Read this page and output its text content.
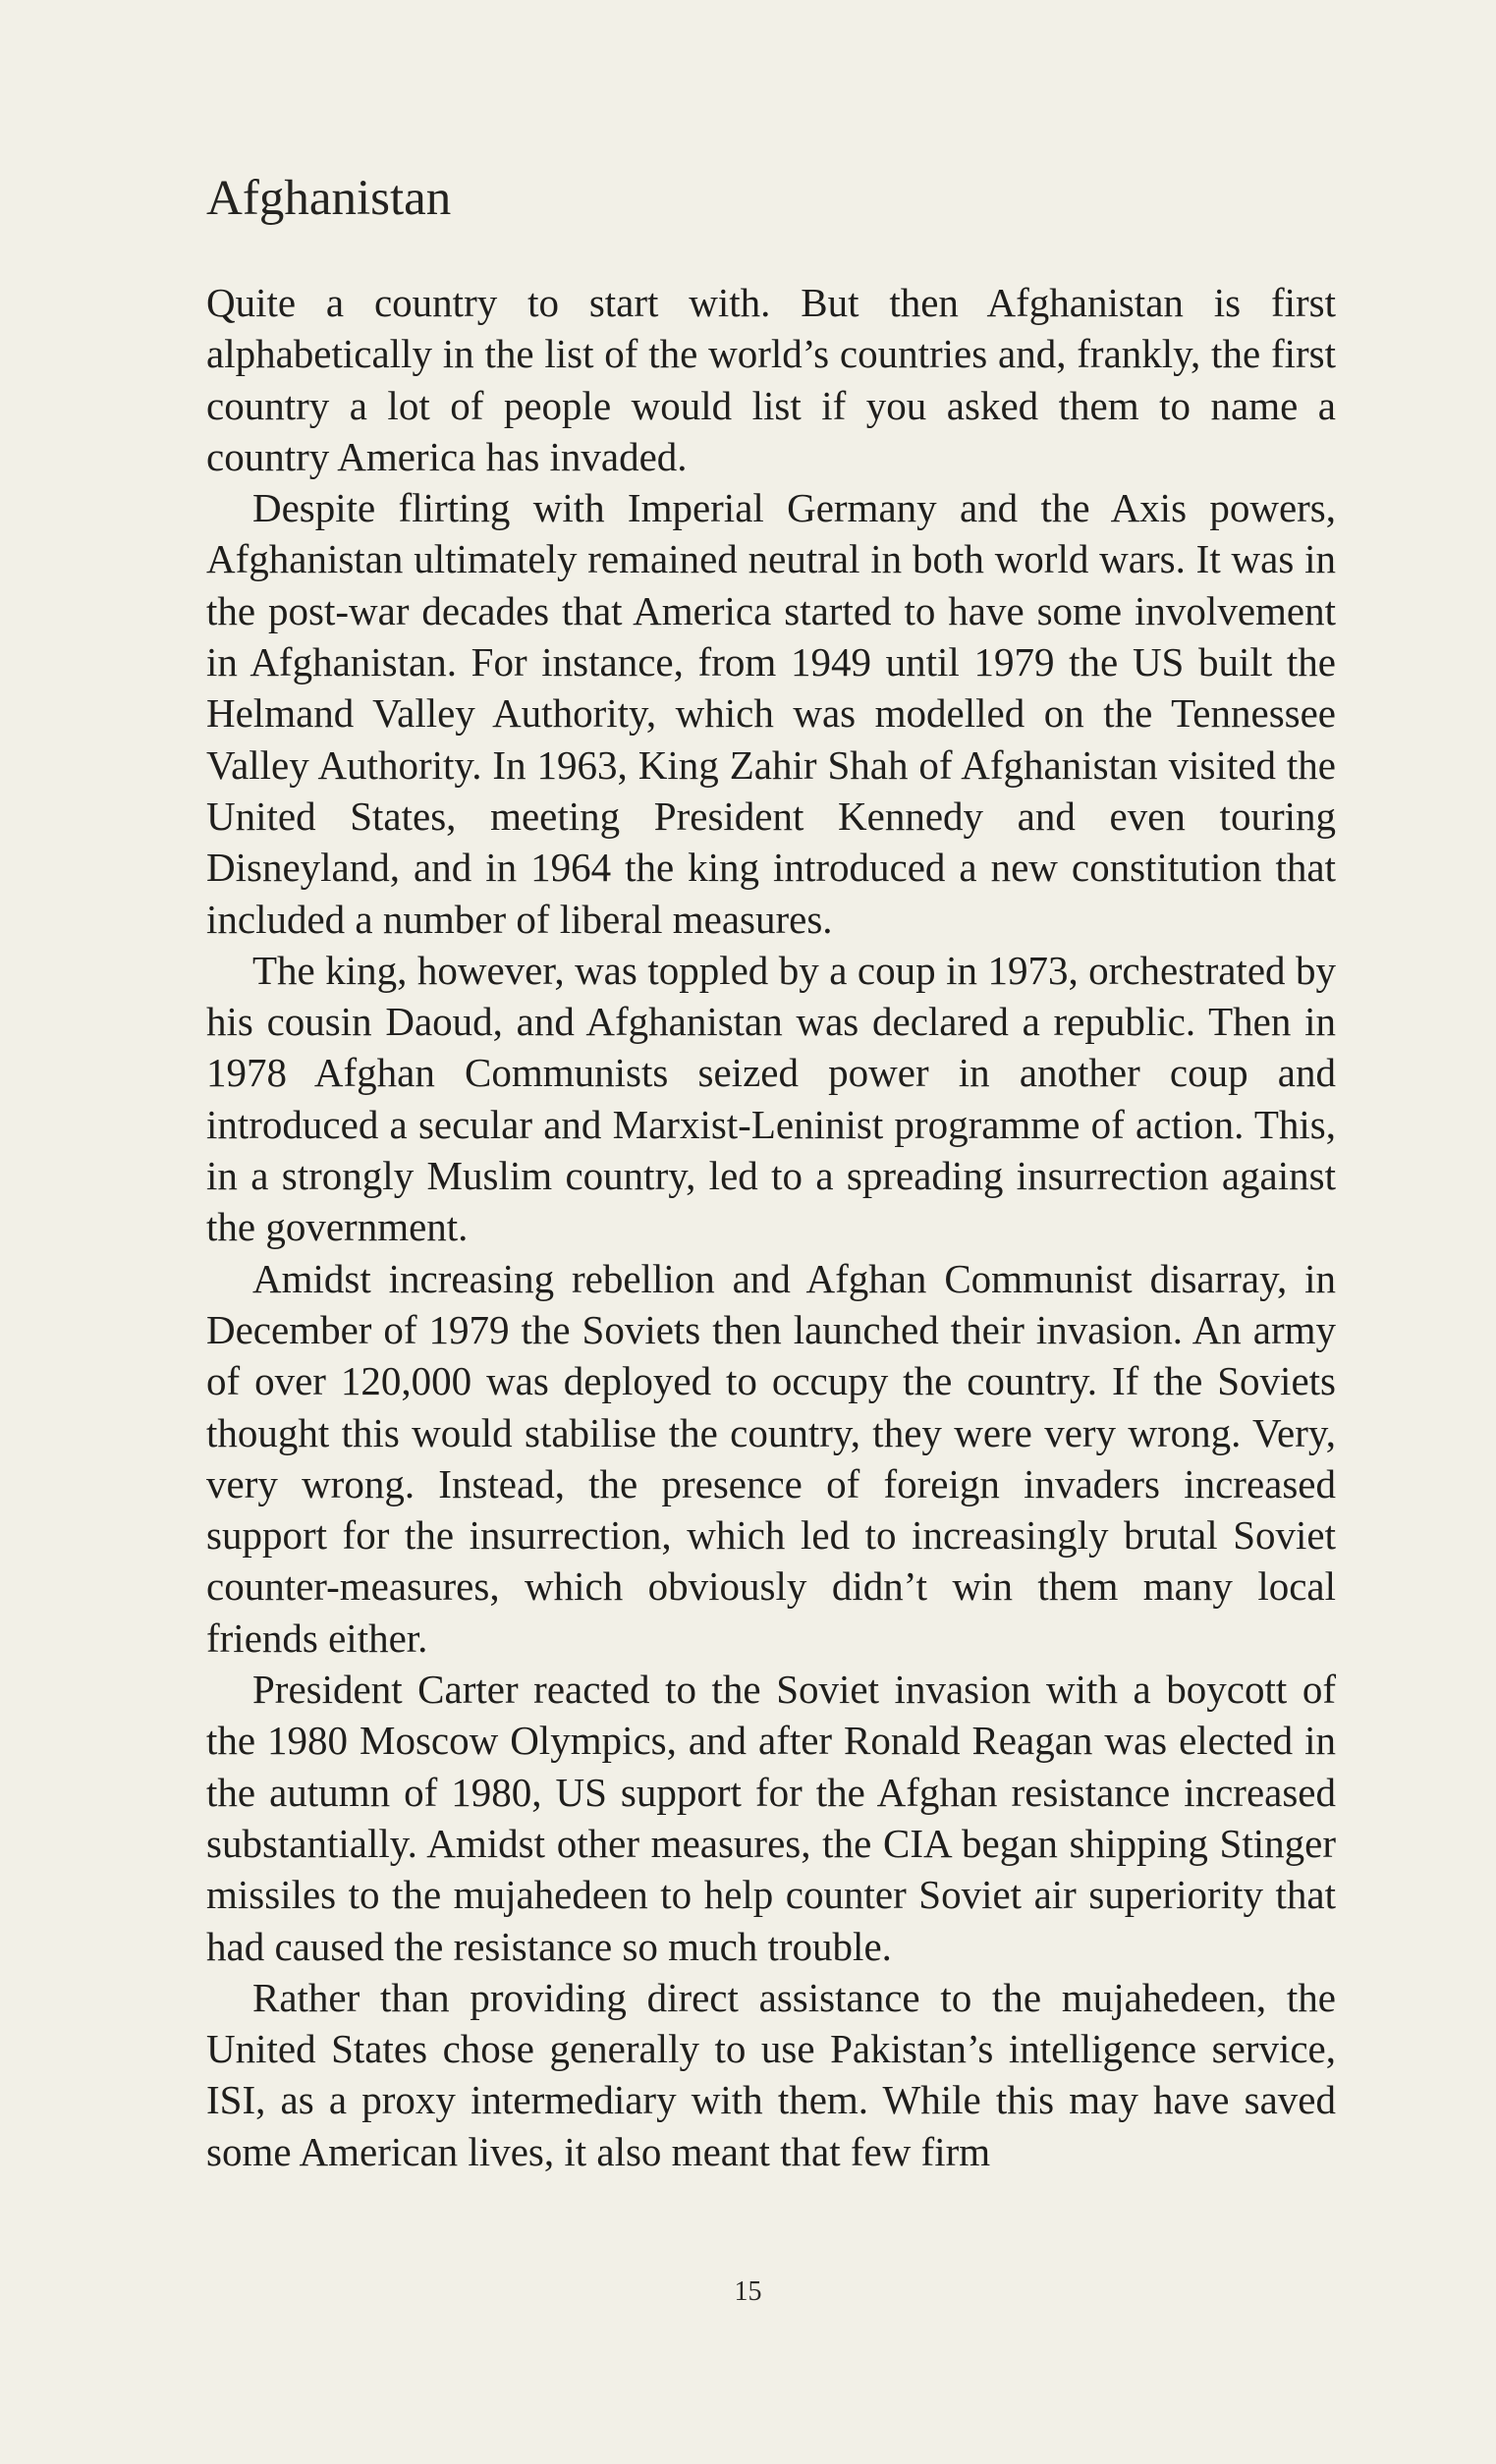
Afghanistan

Quite a country to start with. But then Afghanistan is first alphabetically in the list of the world’s countries and, frankly, the first country a lot of people would list if you asked them to name a country America has invaded.

Despite flirting with Imperial Germany and the Axis powers, Afghanistan ultimately remained neutral in both world wars. It was in the post-war decades that America started to have some involvement in Afghanistan. For instance, from 1949 until 1979 the US built the Helmand Valley Authority, which was modelled on the Tennessee Valley Authority. In 1963, King Zahir Shah of Afghanistan visited the United States, meeting President Kennedy and even touring Disneyland, and in 1964 the king introduced a new constitution that included a number of liberal measures.

The king, however, was toppled by a coup in 1973, orchestrated by his cousin Daoud, and Afghanistan was declared a republic. Then in 1978 Afghan Communists seized power in another coup and introduced a secular and Marxist-Leninist programme of action. This, in a strongly Muslim country, led to a spreading insurrection against the government.

Amidst increasing rebellion and Afghan Communist disarray, in December of 1979 the Soviets then launched their invasion. An army of over 120,000 was deployed to occupy the country. If the Soviets thought this would stabilise the country, they were very wrong. Very, very wrong. Instead, the presence of foreign invaders increased support for the insurrection, which led to increasingly brutal Soviet counter-measures, which obviously didn’t win them many local friends either.

President Carter reacted to the Soviet invasion with a boycott of the 1980 Moscow Olympics, and after Ronald Reagan was elected in the autumn of 1980, US support for the Afghan resistance increased substantially. Amidst other measures, the CIA began shipping Stinger missiles to the mujahedeen to help counter Soviet air superiority that had caused the resistance so much trouble.

Rather than providing direct assistance to the mujahedeen, the United States chose generally to use Pakistan’s intelligence service, ISI, as a proxy intermediary with them. While this may have saved some American lives, it also meant that few firm

15
